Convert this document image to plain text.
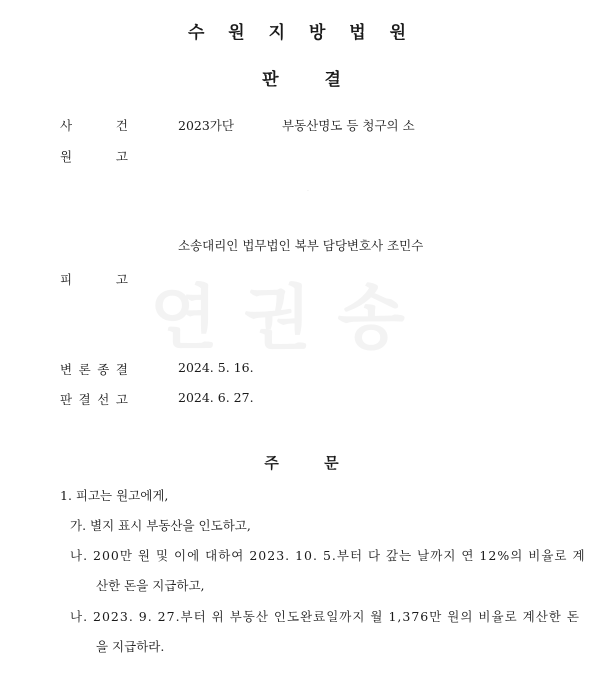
연권송
수 원 지 방 법 원
판 결
사	건	2023가단	부동산명도 등 청구의 소
원	고
.
소송대리인 법무법인 복부 담당변호사 조민수
피	고
변 론 종 결	2024. 5. 16.
판 결 선 고	2024. 6. 27.
주 문
1. 피고는 원고에게,
가. 별지 표시 부동산을 인도하고,
나. 200만 원 및 이에 대하여 2023. 10. 5.부터 다 갚는 날까지 연 12%의 비율로 계
산한 돈을 지급하고,
나. 2023. 9. 27.부터 위 부동산 인도완료일까지 월 1,376만 원의 비율로 계산한 돈
을 지급하라.
